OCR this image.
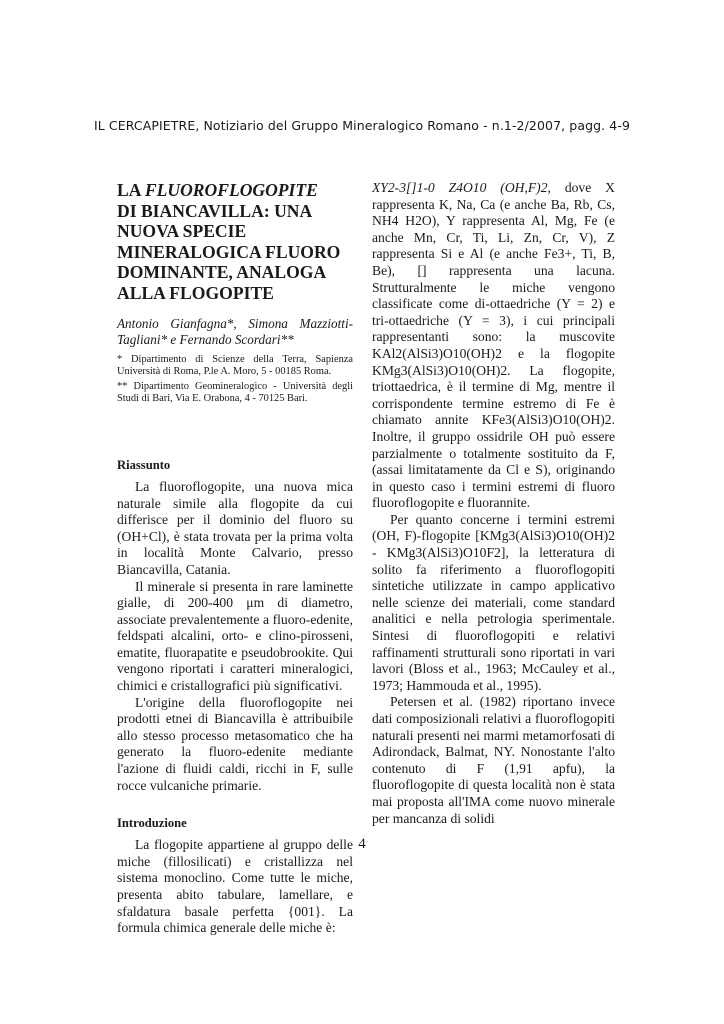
IL CERCAPIETRE, Notiziario del Gruppo Mineralogico Romano - n.1-2/2007, pagg. 4-9
LA FLUOROFLOGOPITE
DI BIANCAVILLA: UNA NUOVA SPECIE MINERALOGICA FLUORO DOMINANTE, ANALOGA ALLA FLOGOPITE

Antonio Gianfagna*, Simona Mazziotti-Tagliani* e Fernando Scordari**

* Dipartimento di Scienze della Terra, Sapienza Università di Roma, P.le A. Moro, 5 - 00185 Roma.

** Dipartimento Geomineralogico - Università degli Studi di Bari, Via E. Orabona, 4 - 70125 Bari.

Riassunto

La fluoroflogopite, una nuova mica naturale simile alla flogopite da cui differisce per il dominio del fluoro su (OH+Cl), è stata trovata per la prima volta in località Monte Calvario, presso Biancavilla, Catania.

Il minerale si presenta in rare laminette gialle, di 200-400 μm di diametro, associate prevalentemente a fluoro-edenite, feldspati alcalini, orto- e clino-pirosseni, ematite, fluorapatite e pseudobrookite. Qui vengono riportati i caratteri mineralogici, chimici e cristallografici più significativi.

L'origine della fluoroflogopite nei prodotti etnei di Biancavilla è attribuibile allo stesso processo metasomatico che ha generato la fluoro-edenite mediante l'azione di fluidi caldi, ricchi in F, sulle rocce vulcaniche primarie.

Introduzione

La flogopite appartiene al gruppo delle miche (fillosilicati) e cristallizza nel sistema monoclino. Come tutte le miche, presenta abito tabulare, lamellare, e sfaldatura basale perfetta {001}. La formula chimica generale delle miche è:

XY2-3[]1-0 Z4O10 (OH,F)2, dove X rappresenta K, Na, Ca (e anche Ba, Rb, Cs, NH4 H2O), Y rappresenta Al, Mg, Fe (e anche Mn, Cr, Ti, Li, Zn, Cr, V), Z rappresenta Si e Al (e anche Fe3+, Ti, B, Be), [] rappresenta una lacuna. Strutturalmente le miche vengono classificate come di-ottaedriche (Y = 2) e tri-ottaedriche (Y = 3), i cui principali rappresentanti sono: la muscovite KAl2(AlSi3)O10(OH)2 e la flogopite KMg3(AlSi3)O10(OH)2. La flogopite, triottaedrica, è il termine di Mg, mentre il corrispondente termine estremo di Fe è chiamato annite KFe3(AlSi3)O10(OH)2. Inoltre, il gruppo ossidrile OH può essere parzialmente o totalmente sostituito da F, (assai limitatamente da Cl e S), originando in questo caso i termini estremi di fluoro fluoroflogopite e fluorannite.

Per quanto concerne i termini estremi (OH, F)-flogopite [KMg3(AlSi3)O10(OH)2 - KMg3(AlSi3)O10F2], la letteratura di solito fa riferimento a fluoroflogopiti sintetiche utilizzate in campo applicativo nelle scienze dei materiali, come standard analitici e nella petrologia sperimentale. Sintesi di fluoroflogopiti e relativi raffinamenti strutturali sono riportati in vari lavori (Bloss et al., 1963; McCauley et al., 1973; Hammouda et al., 1995).

Petersen et al. (1982) riportano invece dati composizionali relativi a fluoroflogopiti naturali presenti nei marmi metamorfosati di Adirondack, Balmat, NY. Nonostante l'alto contenuto di F (1,91 apfu), la fluoroflogopite di questa località non è stata mai proposta all'IMA come nuovo minerale per mancanza di solidi

4
